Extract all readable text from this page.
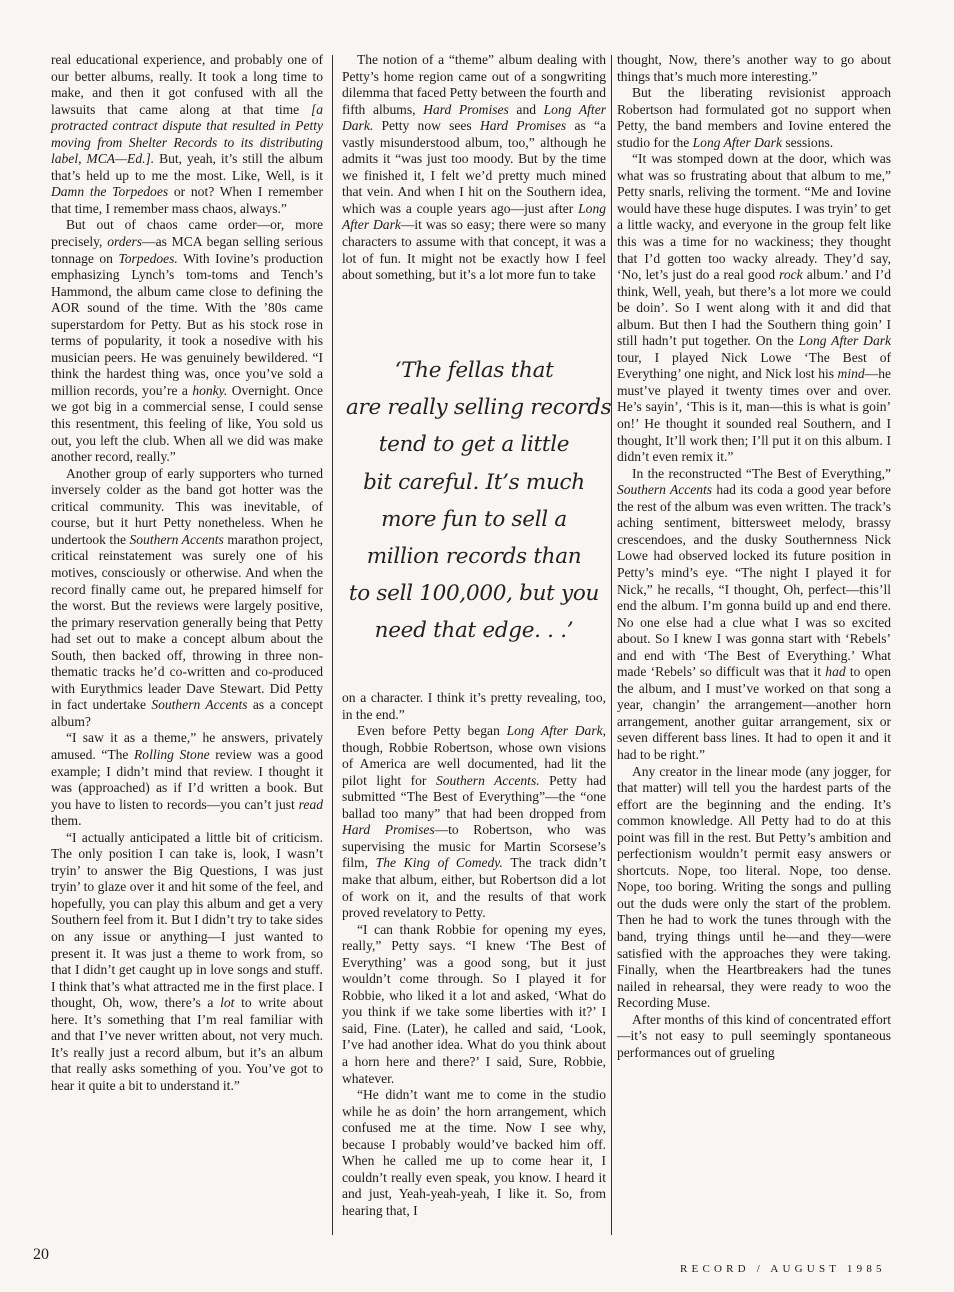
real educational experience, and probably one of our better albums, really. It took a long time to make, and then it got confused with all the lawsuits that came along at that time [a protracted contract dispute that resulted in Petty moving from Shelter Records to its distributing label, MCA—Ed.]. But, yeah, it’s still the album that’s held up to me the most. Like, Well, is it Damn the Torpedoes or not? When I remember that time, I remember mass chaos, always.”

But out of chaos came order—or, more precisely, orders—as MCA began selling serious tonnage on Torpedoes. With Iovine’s production emphasizing Lynch’s tom-toms and Tench’s Hammond, the album came close to defining the AOR sound of the time. With the ’80s came superstardom for Petty. But as his stock rose in terms of popularity, it took a nosedive with his musician peers. He was genuinely bewildered. “I think the hardest thing was, once you’ve sold a million records, you’re a honky. Overnight. Once we got big in a commercial sense, I could sense this resentment, this feeling of like, You sold us out, you left the club. When all we did was make another record, really.”

Another group of early supporters who turned inversely colder as the band got hotter was the critical community. This was inevitable, of course, but it hurt Petty nonetheless. When he undertook the Southern Accents marathon project, critical reinstatement was surely one of his motives, consciously or otherwise. And when the record finally came out, he prepared himself for the worst. But the reviews were largely positive, the primary reservation generally being that Petty had set out to make a concept album about the South, then backed off, throwing in three non-thematic tracks he’d co-written and co-produced with Eurythmics leader Dave Stewart. Did Petty in fact undertake Southern Accents as a concept album?

“I saw it as a theme,” he answers, privately amused. “The Rolling Stone review was a good example; I didn’t mind that review. I thought it was (approached) as if I’d written a book. But you have to listen to records—you can’t just read them.

“I actually anticipated a little bit of criticism. The only position I can take is, look, I wasn’t tryin’ to answer the Big Questions, I was just tryin’ to glaze over it and hit some of the feel, and hopefully, you can play this album and get a very Southern feel from it. But I didn’t try to take sides on any issue or anything—I just wanted to present it. It was just a theme to work from, so that I didn’t get caught up in love songs and stuff. I think that’s what attracted me in the first place. I thought, Oh, wow, there’s a lot to write about here. It’s something that I’m real familiar with and that I’ve never written about, not very much. It’s really just a record album, but it’s an album that really asks something of you. You’ve got to hear it quite a bit to understand it.”

The notion of a “theme” album dealing with Petty’s home region came out of a songwriting dilemma that faced Petty between the fourth and fifth albums, Hard Promises and Long After Dark. Petty now sees Hard Promises as “a vastly misunderstood album, too,” although he admits it “was just too moody. But by the time we finished it, I felt we’d pretty much mined that vein. And when I hit on the Southern idea, which was a couple years ago—just after Long After Dark—it was so easy; there were so many characters to assume with that concept, it was a lot of fun. It might not be exactly how I feel about something, but it’s a lot more fun to take

‘The fellas that
are really selling records
tend to get a little
bit careful. It’s much
more fun to sell a
million records than
to sell 100,000, but you
need that edge. . .’

on a character. I think it’s pretty revealing, too, in the end.”

Even before Petty began Long After Dark, though, Robbie Robertson, whose own visions of America are well documented, had lit the pilot light for Southern Accents. Petty had submitted “The Best of Everything”—the “one ballad too many” that had been dropped from Hard Promises—to Robertson, who was supervising the music for Martin Scorsese’s film, The King of Comedy. The track didn’t make that album, either, but Robertson did a lot of work on it, and the results of that work proved revelatory to Petty.

“I can thank Robbie for opening my eyes, really,” Petty says. “I knew ‘The Best of Everything’ was a good song, but it just wouldn’t come through. So I played it for Robbie, who liked it a lot and asked, ‘What do you think if we take some liberties with it?’ I said, Fine. (Later), he called and said, ‘Look, I’ve had another idea. What do you think about a horn here and there?’ I said, Sure, Robbie, whatever.

“He didn’t want me to come in the studio while he as doin’ the horn arrangement, which confused me at the time. Now I see why, because I probably would’ve backed him off. When he called me up to come hear it, I couldn’t really even speak, you know. I heard it and just, Yeah-yeah-yeah, I like it. So, from hearing that, I

thought, Now, there’s another way to go about things that’s much more interesting.”

But the liberating revisionist approach Robertson had formulated got no support when Petty, the band members and Iovine entered the studio for the Long After Dark sessions.

“It was stomped down at the door, which was what was so frustrating about that album to me,” Petty snarls, reliving the torment. “Me and Iovine would have these huge disputes. I was tryin’ to get a little wacky, and everyone in the group felt like this was a time for no wackiness; they thought that I’d gotten too wacky already. They’d say, ‘No, let’s just do a real good rock album.’ and I’d think, Well, yeah, but there’s a lot more we could be doin’. So I went along with it and did that album. But then I had the Southern thing goin’ I still hadn’t put together. On the Long After Dark tour, I played Nick Lowe ‘The Best of Everything’ one night, and Nick lost his mind—he must’ve played it twenty times over and over. He’s sayin’, ‘This is it, man—this is what is goin’ on!’ He thought it sounded real Southern, and I thought, It’ll work then; I’ll put it on this album. I didn’t even remix it.”

In the reconstructed “The Best of Everything,” Southern Accents had its coda a good year before the rest of the album was even written. The track’s aching sentiment, bittersweet melody, brassy crescendoes, and the dusky Southernness Nick Lowe had observed locked its future position in Petty’s mind’s eye. “The night I played it for Nick,” he recalls, “I thought, Oh, perfect—this’ll end the album. I’m gonna build up and end there. No one else had a clue what I was so excited about. So I knew I was gonna start with ‘Rebels’ and end with ‘The Best of Everything.’ What made ‘Rebels’ so difficult was that it had to open the album, and I must’ve worked on that song a year, changin’ the arrangement—another horn arrangement, another guitar arrangement, six or seven different bass lines. It had to open it and it had to be right.”

Any creator in the linear mode (any jogger, for that matter) will tell you the hardest parts of the effort are the beginning and the ending. It’s common knowledge. All Petty had to do at this point was fill in the rest. But Petty’s ambition and perfectionism wouldn’t permit easy answers or shortcuts. Nope, too literal. Nope, too dense. Nope, too boring. Writing the songs and pulling out the duds were only the start of the problem. Then he had to work the tunes through with the band, trying things until he—and they—were satisfied with the approaches they were taking. Finally, when the Heartbreakers had the tunes nailed in rehearsal, they were ready to woo the Recording Muse.

After months of this kind of concentrated effort—it’s not easy to pull seemingly spontaneous performances out of grueling

20
RECORD / AUGUST 1985
